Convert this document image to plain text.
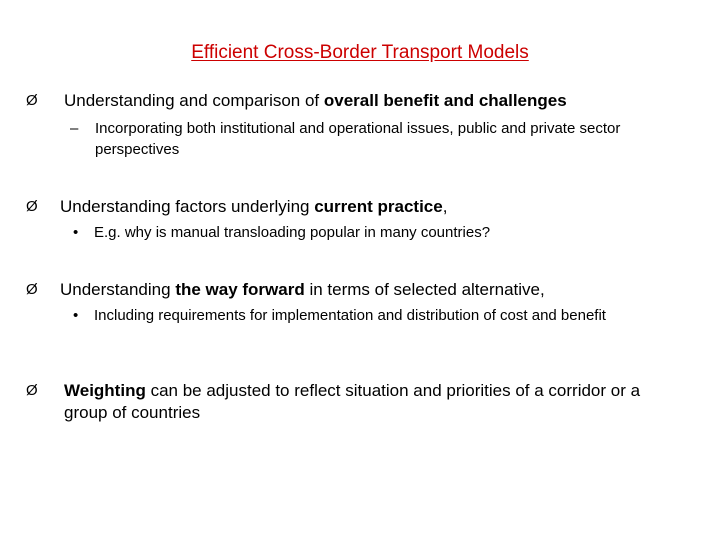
Efficient Cross-Border Transport Models
Ø Understanding and comparison of overall benefit and challenges
–	Incorporating both institutional and operational issues, public and private sector perspectives
Ø Understanding factors underlying current practice,
•	E.g. why is manual transloading popular in many countries?
Ø Understanding the way forward in terms of selected alternative,
•	Including requirements for implementation and distribution of cost and benefit
Ø	Weighting can be adjusted to reflect situation and priorities of a corridor or a group of countries
